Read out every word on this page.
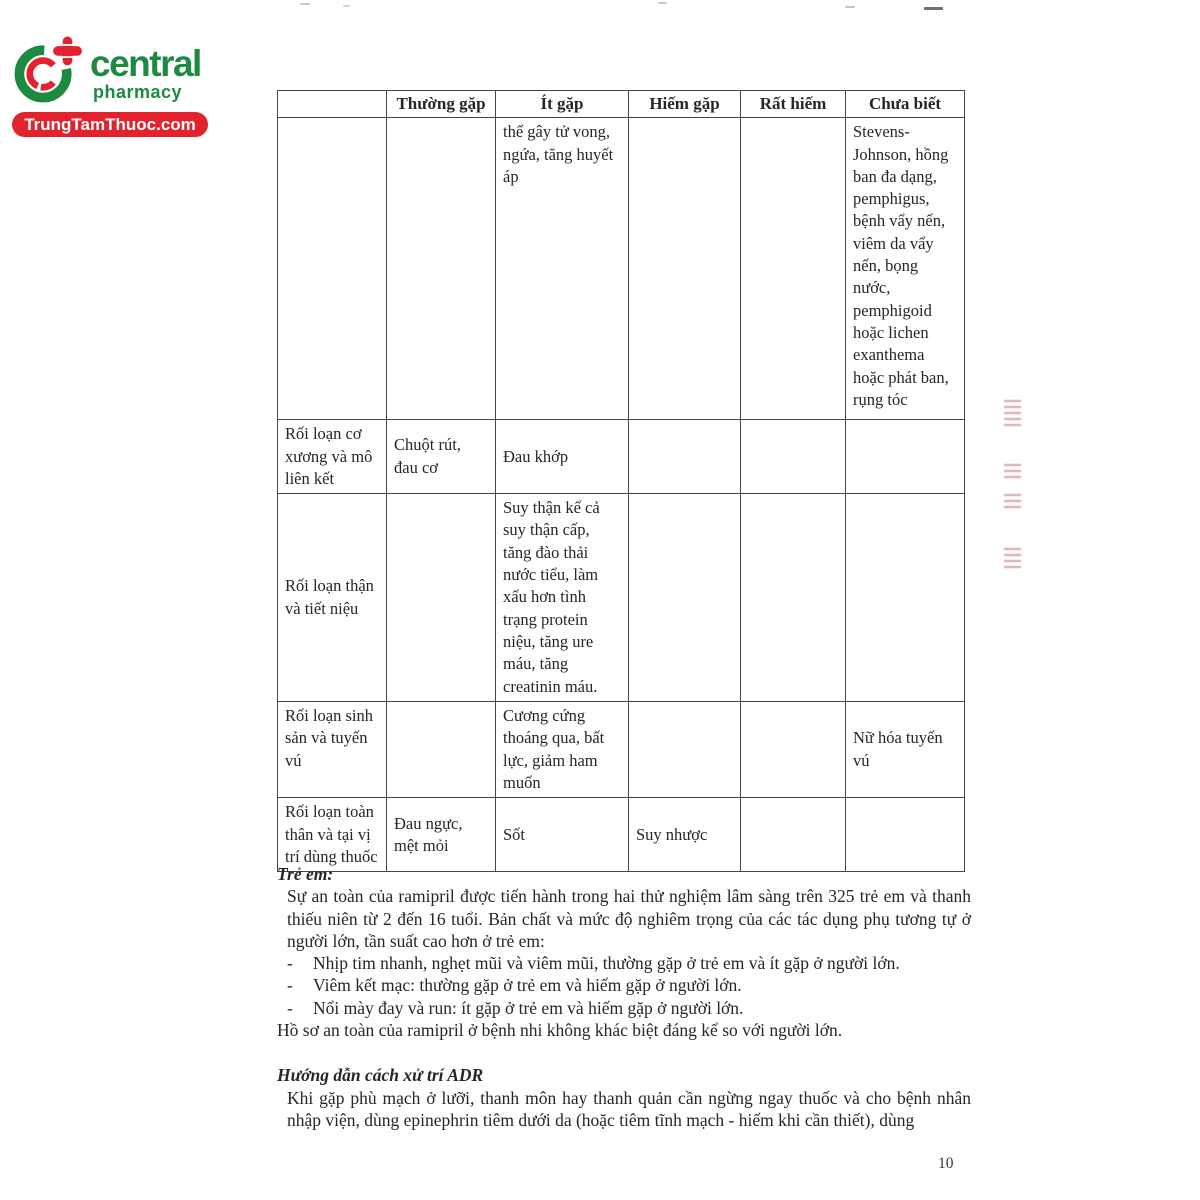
central
pharmacy
TrungTamThuoc.com
	Thường gặp	Ít gặp	Hiếm gặp	Rất hiếm	Chưa biết
		thể gây tử vong, ngứa, tăng huyết áp			Stevens-Johnson, hồng ban đa dạng, pemphigus, bệnh vẩy nến, viêm da vẩy nến, bọng nước, pemphigoid hoặc lichen exanthema hoặc phát ban, rụng tóc
Rối loạn cơ xương và mô liên kết	Chuột rút, đau cơ	Đau khớp			
Rối loạn thận và tiết niệu		Suy thận kể cả suy thận cấp, tăng đào thải nước tiểu, làm xấu hơn tình trạng protein niệu, tăng ure máu, tăng creatinin máu.			
Rối loạn sinh sản và tuyến vú		Cương cứng thoáng qua, bất lực, giảm ham muốn			Nữ hóa tuyến vú
Rối loạn toàn thân và tại vị trí dùng thuốc	Đau ngực, mệt mỏi	Sốt	Suy nhược		
Trẻ em:

Sự an toàn của ramipril được tiến hành trong hai thử nghiệm lâm sàng trên 325 trẻ em và thanh thiếu niên từ 2 đến 16 tuổi. Bản chất và mức độ nghiêm trọng của các tác dụng phụ tương tự ở người lớn, tần suất cao hơn ở trẻ em:

-	Nhịp tim nhanh, nghẹt mũi và viêm mũi, thường gặp ở trẻ em và ít gặp ở người lớn.
-	Viêm kết mạc: thường gặp ở trẻ em và hiếm gặp ở người lớn.
-	Nổi mày đay và run: ít gặp ở trẻ em và hiếm gặp ở người lớn.

Hồ sơ an toàn của ramipril ở bệnh nhi không khác biệt đáng kể so với người lớn.

Hướng dẫn cách xử trí ADR

Khi gặp phù mạch ở lưỡi, thanh môn hay thanh quản cần ngừng ngay thuốc và cho bệnh nhân nhập viện, dùng epinephrin tiêm dưới da (hoặc tiêm tĩnh mạch - hiếm khi cần thiết), dùng

10
